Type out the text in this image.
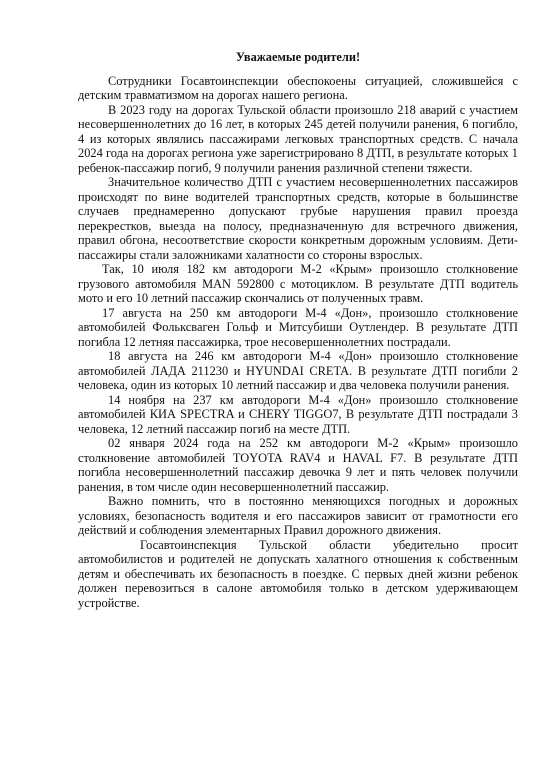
Уважаемые родители!

Сотрудники Госавтоинспекции обеспокоены ситуацией, сложившейся с детским травматизмом на дорогах нашего региона.

В 2023 году на дорогах Тульской области произошло 218 аварий с участием несовершеннолетних до 16 лет, в которых 245 детей получили ранения, 6 погибло, 4 из которых являлись пассажирами легковых транспортных средств. С начала 2024 года на дорогах региона уже зарегистрировано 8 ДТП, в результате которых 1 ребенок-пассажир погиб, 9 получили ранения различной степени тяжести.

Значительное количество ДТП с участием несовершеннолетних пассажиров происходят по вине водителей транспортных средств, которые в большинстве случаев преднамеренно допускают грубые нарушения правил проезда перекрестков, выезда на полосу, предназначенную для встречного движения, правил обгона, несоответствие скорости конкретным дорожным условиям. Дети-пассажиры стали заложниками халатности со стороны взрослых.

Так, 10 июля 182 км автодороги М-2 «Крым» произошло столкновение грузового автомобиля MAN 592800 с мотоциклом. В результате ДТП водитель мото и его 10 летний пассажир скончались от полученных травм.

17 августа на 250 км автодороги М-4 «Дон», произошло столкновение автомобилей Фольксваген Гольф и Митсубиши Оутлендер. В результате ДТП погибла 12 летняя пассажирка, трое несовершеннолетних пострадали.

18 августа на 246 км автодороги М-4 «Дон» произошло столкновение автомобилей ЛАДА 211230 и HYUNDAI CRETA. В результате ДТП погибли 2 человека, один из которых 10 летний пассажир и два человека получили ранения.

14 ноября на 237 км автодороги М-4 «Дон» произошло столкновение автомобилей КИА SPECTRA и CHERY TIGGO7, В результате ДТП пострадали 3 человека, 12 летний пассажир погиб на месте ДТП.

02 января 2024 года на 252 км автодороги М-2 «Крым» произошло столкновение автомобилей TOYOTA RAV4 и HAVAL F7. В результате ДТП погибла несовершеннолетний пассажир девочка 9 лет и пять человек получили ранения, в том числе один несовершеннолетний пассажир.

Важно помнить, что в постоянно меняющихся погодных и дорожных условиях, безопасность водителя и его пассажиров зависит от грамотности его действий и соблюдения элементарных Правил дорожного движения.

Госавтоинспекция Тульской области убедительно просит автомобилистов и родителей не допускать халатного отношения к собственным детям и обеспечивать их безопасность в поездке. С первых дней жизни ребенок должен перевозиться в салоне автомобиля только в детском удерживающем устройстве.
